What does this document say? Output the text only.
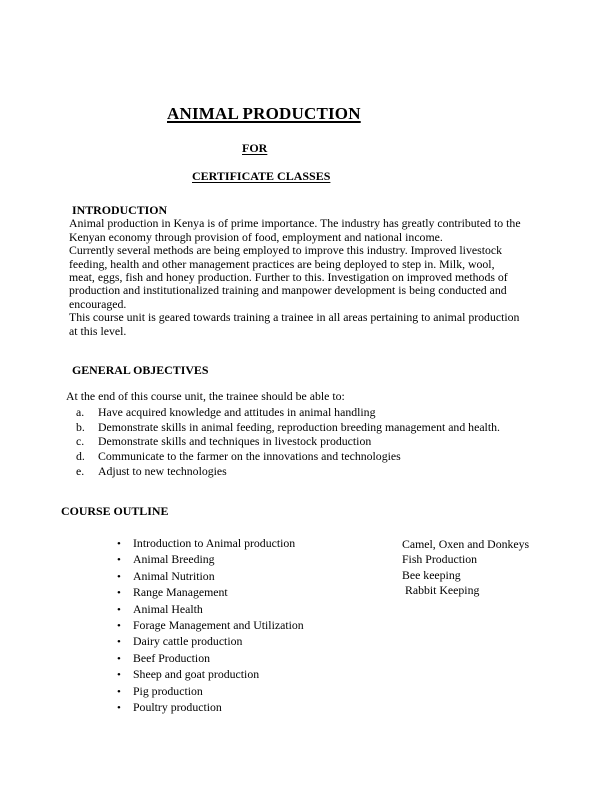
ANIMAL PRODUCTION
FOR
CERTIFICATE CLASSES
INTRODUCTION
Animal production in Kenya is of prime importance. The industry has greatly contributed to the
Kenyan economy through provision of food, employment and national income.
Currently several methods are being employed to improve this industry. Improved livestock
feeding, health and other management practices are being deployed to step in. Milk, wool,
meat, eggs, fish and honey production. Further to this. Investigation on improved methods of
production and institutionalized training and manpower development is being conducted and
encouraged.
This course unit is geared towards training a trainee in all areas pertaining to animal production
at this level.
GENERAL OBJECTIVES
At the end of this course unit, the trainee should be able to:
a. Have acquired knowledge and attitudes in animal handling
b. Demonstrate skills in animal feeding, reproduction breeding management and health.
c. Demonstrate skills and techniques in livestock production
d. Communicate to the farmer on the innovations and technologies
e. Adjust to new technologies
COURSE OUTLINE
• Introduction to Animal production
• Animal Breeding
• Animal Nutrition
• Range Management
• Animal Health
• Forage Management and Utilization
• Dairy cattle production
• Beef Production
• Sheep and goat production
• Pig production
• Poultry production
Camel, Oxen and Donkeys
Fish Production
Bee keeping
Rabbit Keeping
